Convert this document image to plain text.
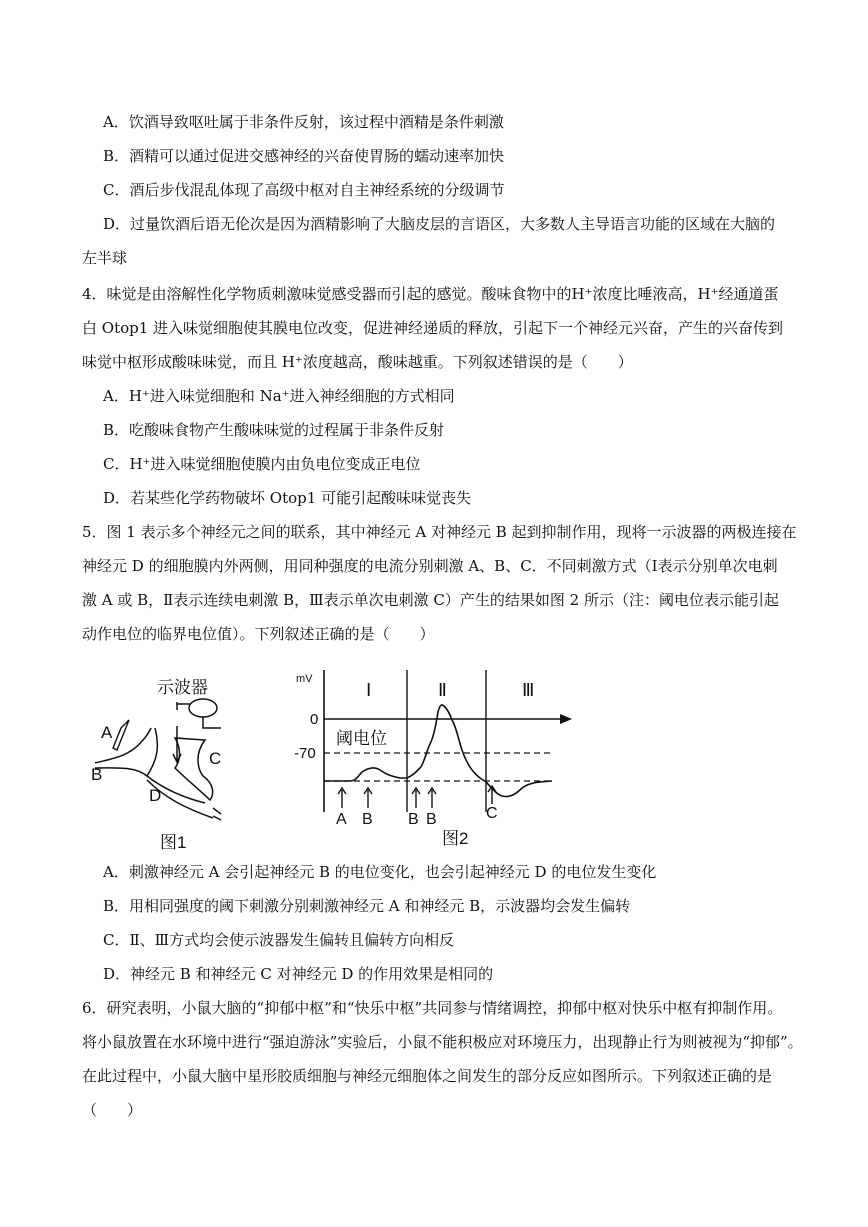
A．饮酒导致呕吐属于非条件反射，该过程中酒精是条件刺激
B．酒精可以通过促进交感神经的兴奋使胃肠的蠕动速率加快
C．酒后步伐混乱体现了高级中枢对自主神经系统的分级调节
D．过量饮酒后语无伦次是因为酒精影响了大脑皮层的言语区，大多数人主导语言功能的区域在大脑的
左半球
4．味觉是由溶解性化学物质刺激味觉感受器而引起的感觉。酸味食物中的H⁺浓度比唾液高，H⁺经通道蛋
白 Otop1 进入味觉细胞使其膜电位改变，促进神经递质的释放，引起下一个神经元兴奋，产生的兴奋传到
味觉中枢形成酸味味觉，而且 H⁺浓度越高，酸味越重。下列叙述错误的是（　　）
A．H⁺进入味觉细胞和 Na⁺进入神经细胞的方式相同
B．吃酸味食物产生酸味味觉的过程属于非条件反射
C．H⁺进入味觉细胞使膜内由负电位变成正电位
D．若某些化学药物破坏 Otop1 可能引起酸味味觉丧失
5．图 1 表示多个神经元之间的联系，其中神经元 A 对神经元 B 起到抑制作用，现将一示波器的两极连接在
神经元 D 的细胞膜内外两侧，用同种强度的电流分别刺激 A、B、C．不同刺激方式（Ⅰ表示分别单次电刺
激 A 或 B，Ⅱ表示连续电刺激 B，Ⅲ表示单次电刺激 C）产生的结果如图 2 所示（注：阈电位表示能引起
动作电位的临界电位值）。下列叙述正确的是（　　）
示波器
A
B
C
D
图1
mV
Ⅰ	Ⅱ	Ⅲ
0
阈电位
-70
A B B B	C
图2
A．刺激神经元 A 会引起神经元 B 的电位变化，也会引起神经元 D 的电位发生变化
B．用相同强度的阈下刺激分别刺激神经元 A 和神经元 B，示波器均会发生偏转
C．Ⅱ、Ⅲ方式均会使示波器发生偏转且偏转方向相反
D．神经元 B 和神经元 C 对神经元 D 的作用效果是相同的
6．研究表明，小鼠大脑的“抑郁中枢”和“快乐中枢”共同参与情绪调控，抑郁中枢对快乐中枢有抑制作用。
将小鼠放置在水环境中进行“强迫游泳”实验后，小鼠不能积极应对环境压力，出现静止行为则被视为“抑郁”。
在此过程中，小鼠大脑中星形胶质细胞与神经元细胞体之间发生的部分反应如图所示。下列叙述正确的是
（　　）
